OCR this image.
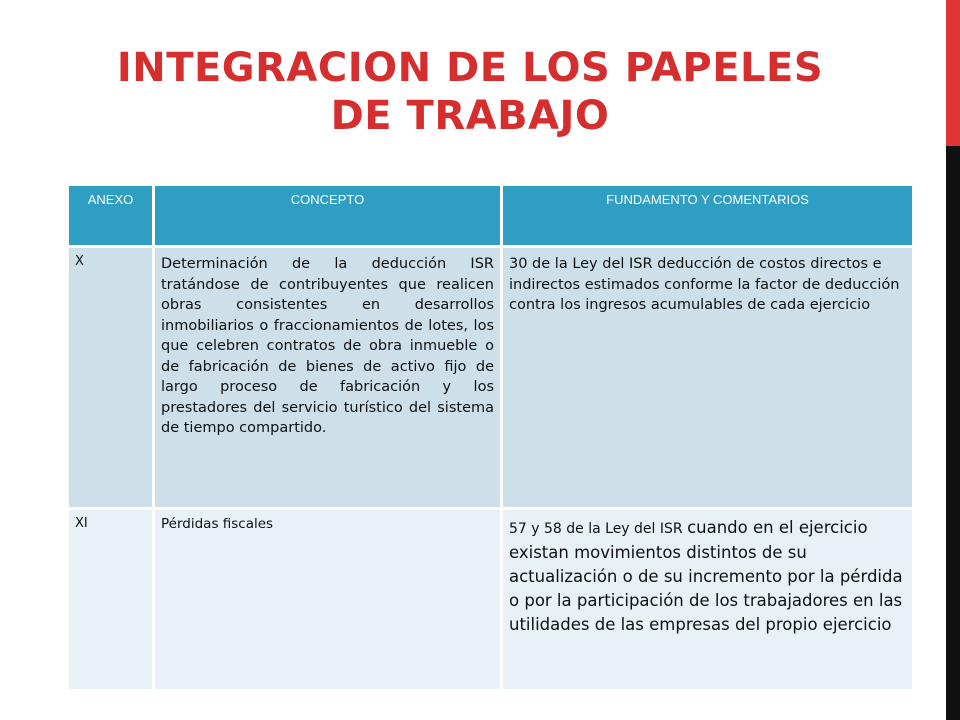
INTEGRACION DE LOS PAPELES
DE TRABAJO
ANEXO	CONCEPTO	FUNDAMENTO Y COMENTARIOS
X	Determinación de la deducción ISR tratándose de contribuyentes que realicen obras consistentes en desarrollos inmobiliarios o fraccionamientos de lotes, los que celebren contratos de obra inmueble o de fabricación de bienes de activo fijo de largo proceso de fabricación y los prestadores del servicio turístico del sistema de tiempo compartido.	30 de la Ley del ISR deducción de costos directos e indirectos estimados conforme la factor de deducción contra los ingresos acumulables de cada ejercicio
XI	Pérdidas fiscales	57 y 58 de la Ley del ISR cuando en el ejercicio existan movimientos distintos de su actualización o de su incremento por la pérdida o por la participación de los trabajadores en las utilidades de las empresas del propio ejercicio
